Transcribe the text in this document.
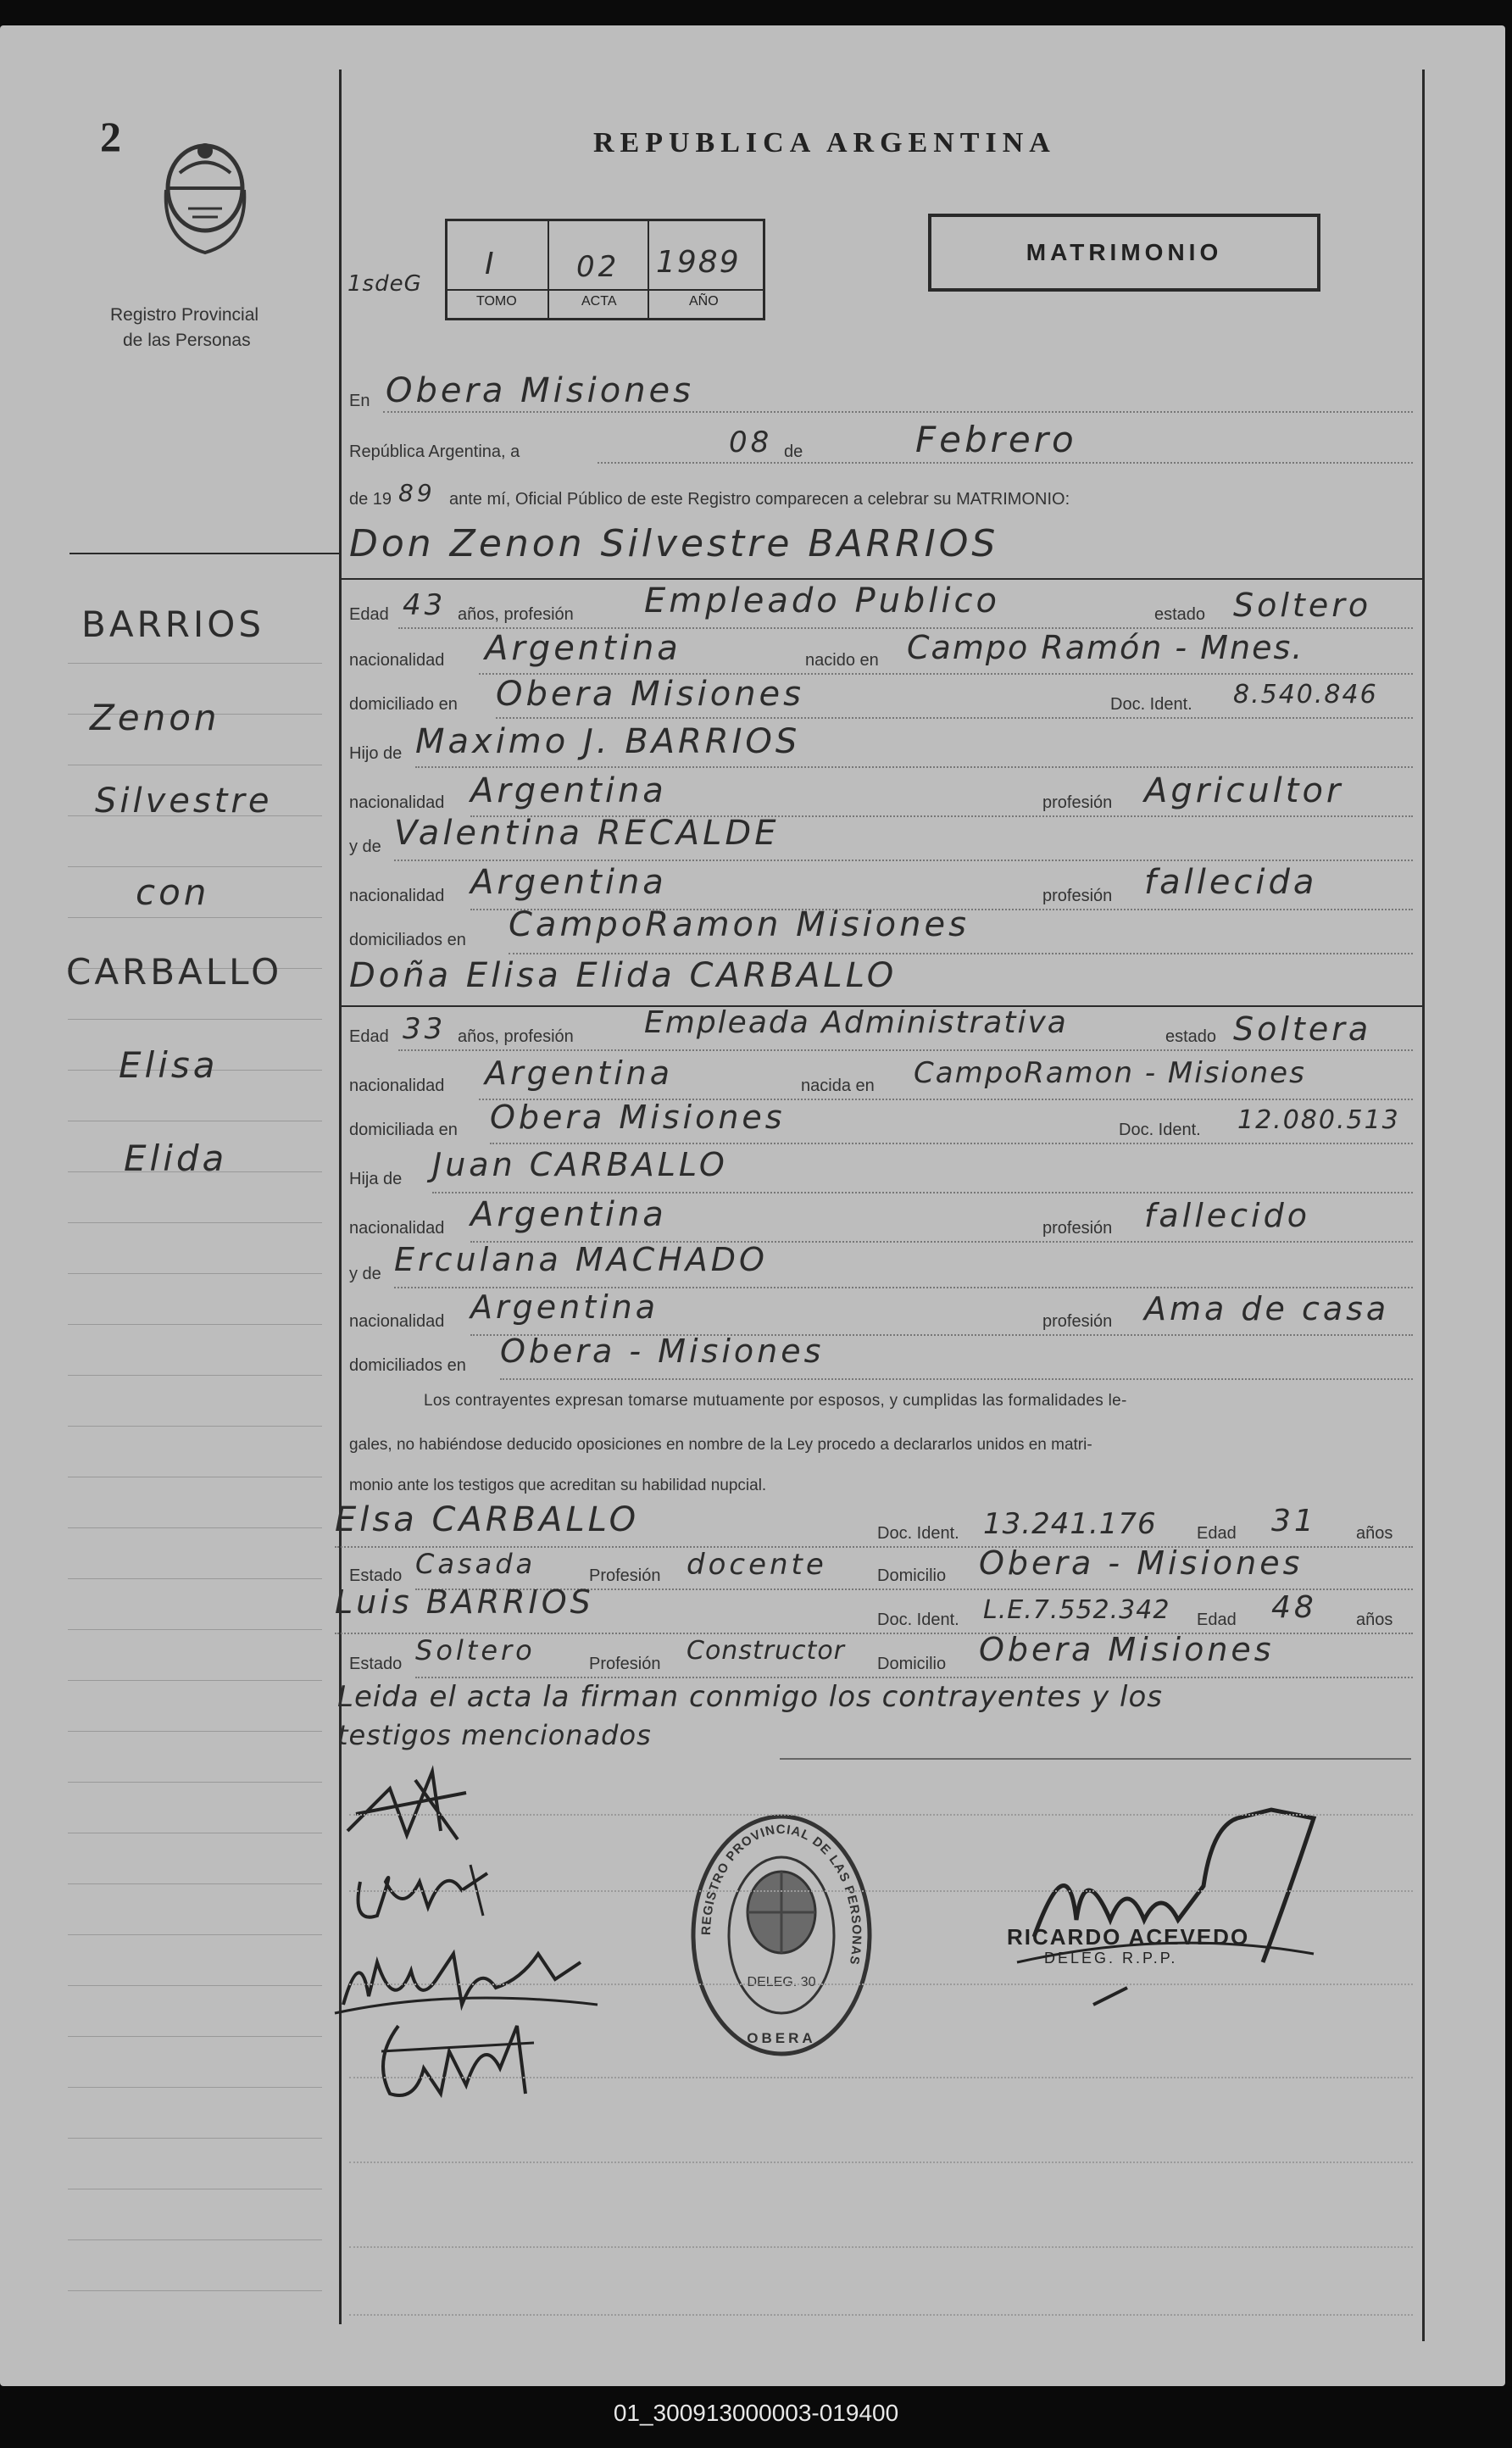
2
Registro Provincial
de las Personas
REPUBLICA ARGENTINA
1sdeG
I
TOMO
02
ACTA
1989
AÑO
MATRIMONIO
BARRIOS
Zenon
Silvestre
con
CARBALLO
Elisa
Elida
En Obera Misiones
República Argentina, a	08 de	Febrero
de 19 89 ante mí, Oficial Público de este Registro comparecen a celebrar su MATRIMONIO:
Don Zenon Silvestre BARRIOS
Edad 43 años, profesión Empleado Publico	estado Soltero
nacionalidad Argentina	nacido en Campo Ramón - Mnes.
domiciliado en Obera Misiones	Doc. Ident. 8.540.846
Hijo de Maximo J. BARRIOS
nacionalidad Argentina	profesión Agricultor
y de Valentina RECALDE
nacionalidad Argentina	profesión fallecida
domiciliados en CampoRamon Misiones
Doña Elisa Elida CARBALLO
Edad 33 años, profesión Empleada Administrativa	estado Soltera
nacionalidad Argentina	nacida en CampoRamon - Misiones
domiciliada en Obera Misiones	Doc. Ident. 12.080.513
Hija de Juan CARBALLO
nacionalidad Argentina	profesión fallecido
y de Erculana MACHADO
nacionalidad Argentina	profesión Ama de casa
domiciliados en Obera - Misiones
Los contrayentes expresan tomarse mutuamente por esposos, y cumplidas las formalidades le-
gales, no habiéndose deducido oposiciones en nombre de la Ley procedo a declararlos unidos en matri-
monio ante los testigos que acreditan su habilidad nupcial.
Elsa CARBALLO	Doc. Ident. 13.241.176 Edad 31 años
Estado Casada	Profesión docente	Domicilio Obera - Misiones
Luis BARRIOS	Doc. Ident. L.E.7.552.342 Edad 48 años
Estado Soltero	Profesión Constructor Domicilio Obera Misiones
Leida el acta la firman conmigo los contrayentes y los
testigos mencionados
REGISTRO PROVINCIAL DE LAS PERSONAS
DELEG. 30
OBERA
RICARDO ACEVEDO
DELEG. R.P.P.
01_300913000003-019400
